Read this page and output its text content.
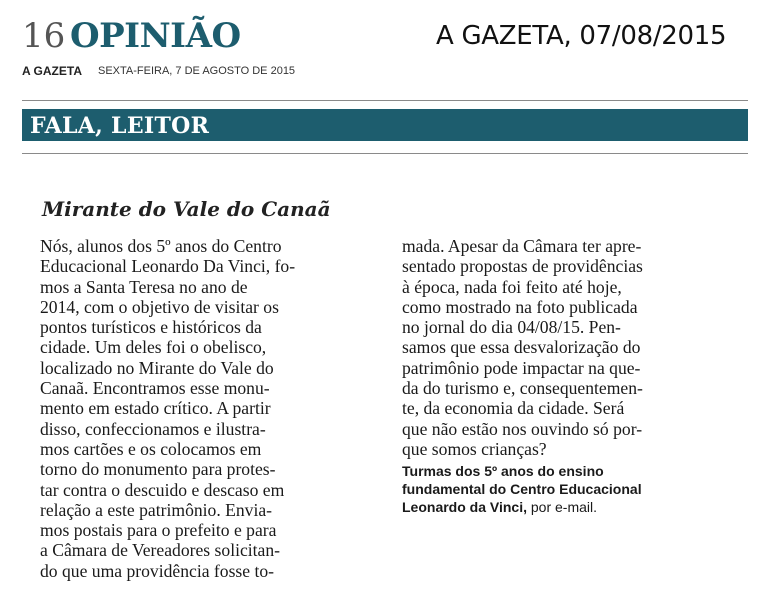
16 OPINIÃO	A GAZETA, 07/08/2015
A GAZETA SEXTA-FEIRA, 7 DE AGOSTO DE 2015
FALA, LEITOR
Mirante do Vale do Canaã
Nós, alunos dos 5º anos do Centro
Educacional Leonardo Da Vinci, fo-
mos a Santa Teresa no ano de
2014, com o objetivo de visitar os
pontos turísticos e históricos da
cidade. Um deles foi o obelisco,
localizado no Mirante do Vale do
Canaã. Encontramos esse monu-
mento em estado crítico. A partir
disso, confeccionamos e ilustra-
mos cartões e os colocamos em
torno do monumento para protes-
tar contra o descuido e descaso em
relação a este patrimônio. Envia-
mos postais para o prefeito e para
a Câmara de Vereadores solicitan-
do que uma providência fosse to-
mada. Apesar da Câmara ter apre-
sentado propostas de providências
à época, nada foi feito até hoje,
como mostrado na foto publicada
no jornal do dia 04/08/15. Pen-
samos que essa desvalorização do
patrimônio pode impactar na que-
da do turismo e, consequentemen-
te, da economia da cidade. Será
que não estão nos ouvindo só por-
que somos crianças?
Turmas dos 5º anos do ensino
fundamental do Centro Educacional
Leonardo da Vinci, por e-mail.
